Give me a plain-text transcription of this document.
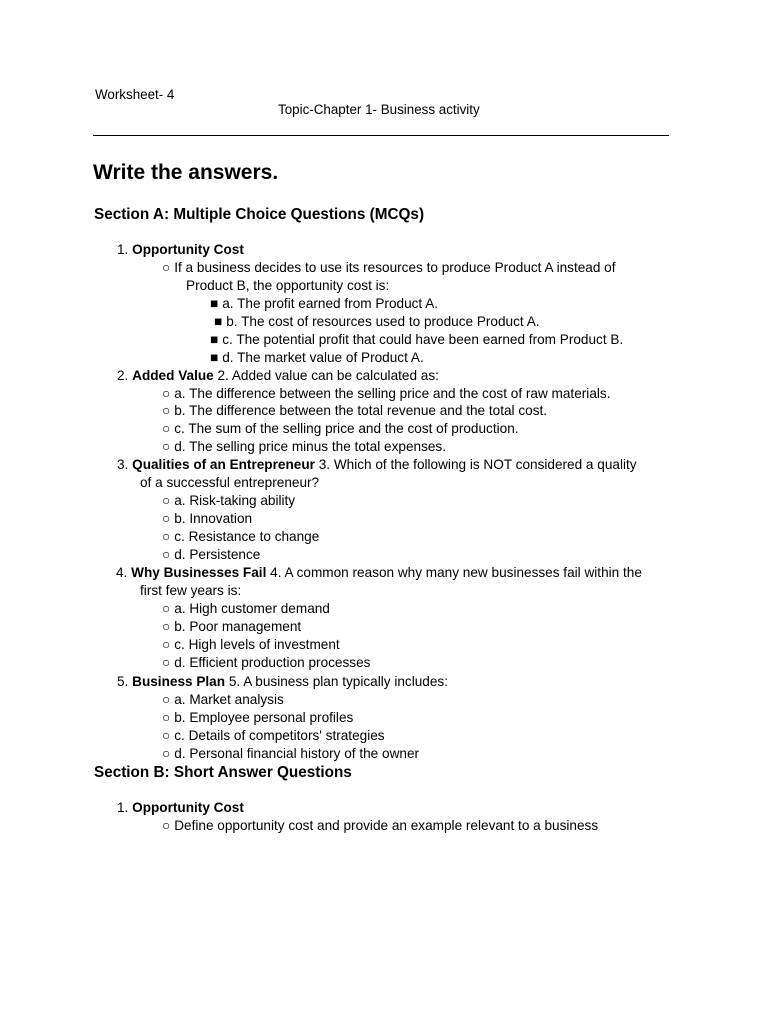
Worksheet- 4
Topic-Chapter 1- Business activity
Write the answers.
Section A: Multiple Choice Questions (MCQs)
1. Opportunity Cost
○ If a business decides to use its resources to produce Product A instead of
Product B, the opportunity cost is:
■ a. The profit earned from Product A.
■ b. The cost of resources used to produce Product A.
■ c. The potential profit that could have been earned from Product B.
■ d. The market value of Product A.
2. Added Value 2. Added value can be calculated as:
○ a. The difference between the selling price and the cost of raw materials.
○ b. The difference between the total revenue and the total cost.
○ c. The sum of the selling price and the cost of production.
○ d. The selling price minus the total expenses.
3. Qualities of an Entrepreneur 3. Which of the following is NOT considered a quality
of a successful entrepreneur?
○ a. Risk-taking ability
○ b. Innovation
○ c. Resistance to change
○ d. Persistence
4. Why Businesses Fail 4. A common reason why many new businesses fail within the
first few years is:
○ a. High customer demand
○ b. Poor management
○ c. High levels of investment
○ d. Efficient production processes
5. Business Plan 5. A business plan typically includes:
○ a. Market analysis
○ b. Employee personal profiles
○ c. Details of competitors' strategies
○ d. Personal financial history of the owner
Section B: Short Answer Questions
1. Opportunity Cost
○ Define opportunity cost and provide an example relevant to a business
